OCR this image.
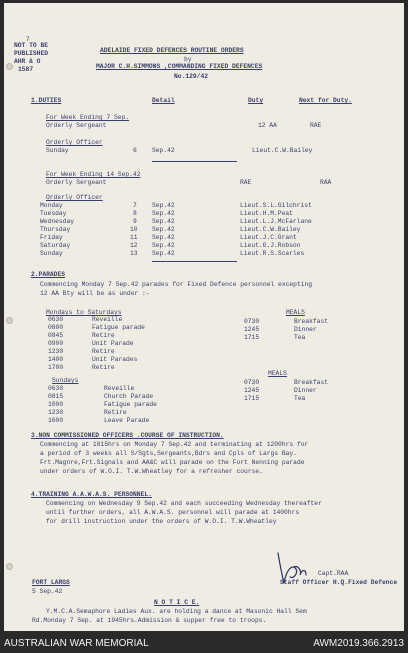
7
NOT TO BE
PUBLISHED
AHR & O
1587
ADELAIDE FIXED DEFENCES ROUTINE ORDERS
by
MAJOR C.H.SIMMONS ,COMMANDING FIXED DEFENCES
No.129/42
1.DUTIES	Detail	Duty	Next for Duty.
For Week Ending 7 Sep.
Orderly Sergeant	12 AA	RAE
Orderly Officer
Sunday	6 Sep.42	Lieut.C.W.Bailey
For Week Ending 14 Sep.42
Orderly Sergeant	RAE	RAA
Orderly Officer
Monday	7 Sep.42	Lieut.S.L.Gilchrist
Tuesday	8 Sep.42	Lieut.H.M.Peat
Wednesday	9 Sep.42	Lieut.L.J.McFarlane
Thursday	10 Sep.42	Lieut.C.W.Bailey
Friday	11 Sep.42	Lieut.J.C.Grant
Saturday	12 Sep.42	Lieut.G.J.Robson
Sunday	13 Sep.42	Lieut.R.S.Scarles
2.PARADES
Commencing Monday 7 Sep.42 parades for Fixed Defence personnel excepting
12 AA Bty will be as under :-
Mondays to Saturdays	MEALS
0630	Reveille
0800	Fatigue parade
0845	Retire
0900	Unit Parade
1230	Retire
1400	Unit Parades
1700	Retire
0730	Breakfast
1245	Dinner
1715	Tea
Sundays
MEALS
0630	Reveille
0815	Church Parade
1000	Fatigue parade
1230	Retire
1600	Leave Parade
0730	Breakfast
1245	Dinner
1715	Tea
3.NON COMMISSIONED OFFICERS .COURSE OF INSTRUCTION.
Commencing at 1015hrs on Monday 7 Sep.42 and terminating at 1200hrs for
a period of 3 weeks all S/Sgts,Sergeants,Bdrs and Cpls of Largs Bay.
Frt.Magnre,Frt.Signals and AA&C will parade on the Fort Nenning parade
under orders of W.O.I. T.W.Wheatley for a refresher course.
4.TRAINING A.A.W.A.S. PERSONNEL.
Commencing on Wednesday 9 Sep.42 and each succeeding Wednesday thereafter
until further orders, all A.W.A.S. personnel will parade at 1400hrs
for drill instruction under the orders of W.O.I. T.W.Wheatley
Capt.RAA
Staff Officer H.Q.Fixed Defence
FORT LARGS
5 Sep.42
N O T I C E.
Y.M.C.A.Semaphore Ladies Aux. are holding a dance at Masonic Hall Sem
Rd.Monday 7 Sep. at 1945hrs.Admission & supper free to troops.
AUSTRALIAN WAR MEMORIAL	AWM2019.366.2913
